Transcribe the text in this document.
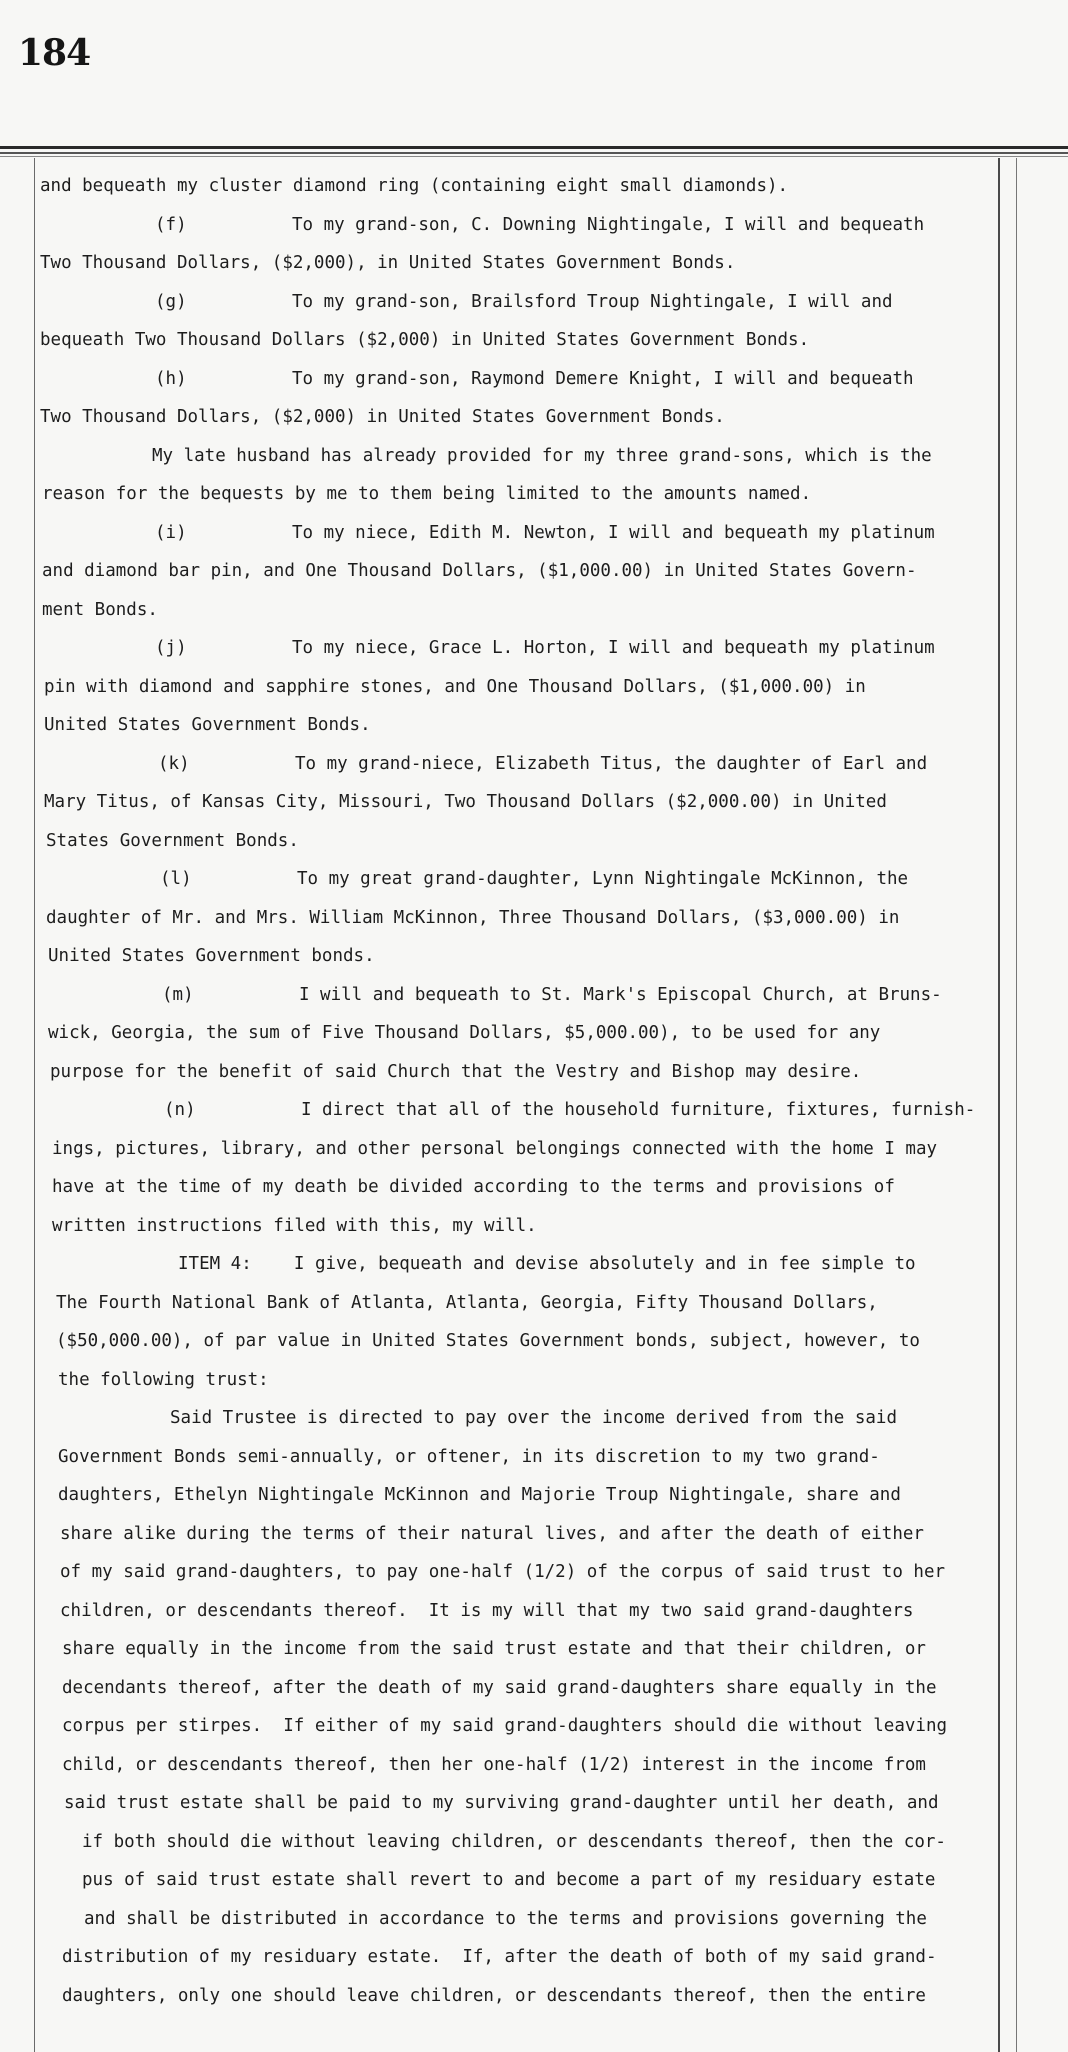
184
and bequeath my cluster diamond ring (containing eight small diamonds).
(f)          To my grand-son, C. Downing Nightingale, I will and bequeath
Two Thousand Dollars, ($2,000), in United States Government Bonds.
(g)          To my grand-son, Brailsford Troup Nightingale, I will and
bequeath Two Thousand Dollars ($2,000) in United States Government Bonds.
(h)          To my grand-son, Raymond Demere Knight, I will and bequeath
Two Thousand Dollars, ($2,000) in United States Government Bonds.
My late husband has already provided for my three grand-sons, which is the
reason for the bequests by me to them being limited to the amounts named.
(i)          To my niece, Edith M. Newton, I will and bequeath my platinum
and diamond bar pin, and One Thousand Dollars, ($1,000.00) in United States Govern-
ment Bonds.
(j)          To my niece, Grace L. Horton, I will and bequeath my platinum
pin with diamond and sapphire stones, and One Thousand Dollars, ($1,000.00) in
United States Government Bonds.
(k)          To my grand-niece, Elizabeth Titus, the daughter of Earl and
Mary Titus, of Kansas City, Missouri, Two Thousand Dollars ($2,000.00) in United
States Government Bonds.
(l)          To my great grand-daughter, Lynn Nightingale McKinnon, the
daughter of Mr. and Mrs. William McKinnon, Three Thousand Dollars, ($3,000.00) in
United States Government bonds.
(m)          I will and bequeath to St. Mark's Episcopal Church, at Bruns-
wick, Georgia, the sum of Five Thousand Dollars, $5,000.00), to be used for any
purpose for the benefit of said Church that the Vestry and Bishop may desire.
(n)          I direct that all of the household furniture, fixtures, furnish-
ings, pictures, library, and other personal belongings connected with the home I may
have at the time of my death be divided according to the terms and provisions of
written instructions filed with this, my will.
ITEM 4:    I give, bequeath and devise absolutely and in fee simple to
The Fourth National Bank of Atlanta, Atlanta, Georgia, Fifty Thousand Dollars,
($50,000.00), of par value in United States Government bonds, subject, however, to
the following trust:
Said Trustee is directed to pay over the income derived from the said
Government Bonds semi-annually, or oftener, in its discretion to my two grand-
daughters, Ethelyn Nightingale McKinnon and Majorie Troup Nightingale, share and
share alike during the terms of their natural lives, and after the death of either
of my said grand-daughters, to pay one-half (1/2) of the corpus of said trust to her
children, or descendants thereof.  It is my will that my two said grand-daughters
share equally in the income from the said trust estate and that their children, or
decendants thereof, after the death of my said grand-daughters share equally in the
corpus per stirpes.  If either of my said grand-daughters should die without leaving
child, or descendants thereof, then her one-half (1/2) interest in the income from
said trust estate shall be paid to my surviving grand-daughter until her death, and
if both should die without leaving children, or descendants thereof, then the cor-
pus of said trust estate shall revert to and become a part of my residuary estate
and shall be distributed in accordance to the terms and provisions governing the
distribution of my residuary estate.  If, after the death of both of my said grand-
daughters, only one should leave children, or descendants thereof, then the entire
